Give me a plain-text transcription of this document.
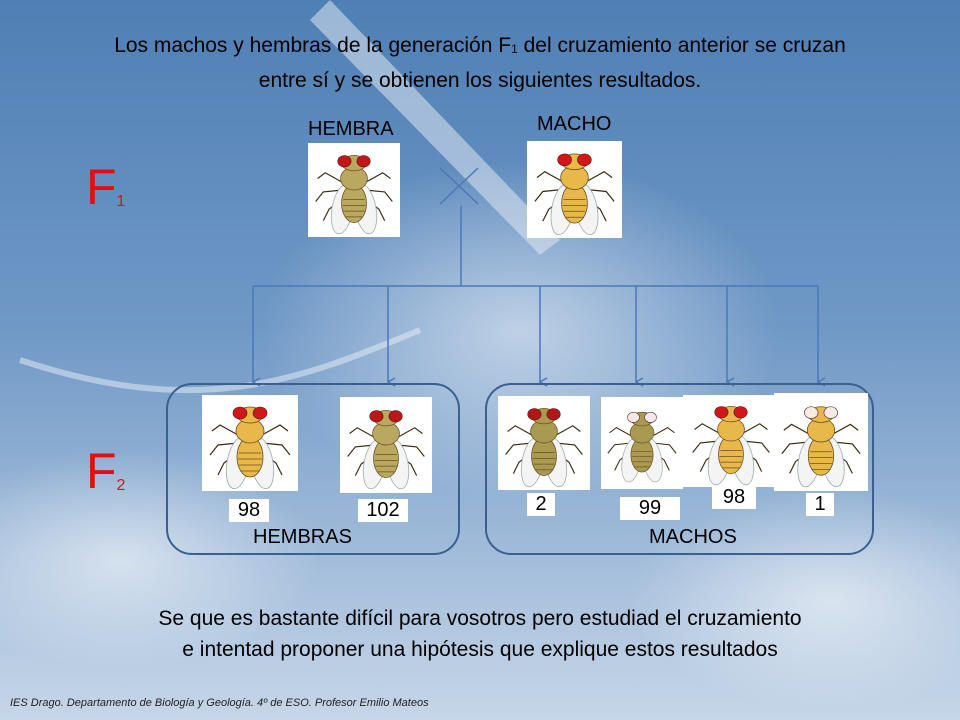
Los machos y hembras de la generación $F_1$ del cruzamiento anterior se cruzan
entre sí y se obtienen los siguientes resultados.
HEMBRA	MACHO
$F_1$
$F_2$
98	102	2	99	98	1
HEMBRAS	MACHOS
Se que es bastante difícil para vosotros pero estudiad el cruzamiento
e intentad proponer una hipótesis que explique estos resultados
IES Drago. Departamento de Biología y Geología. 4º de ESO. Profesor Emilio Mateos
